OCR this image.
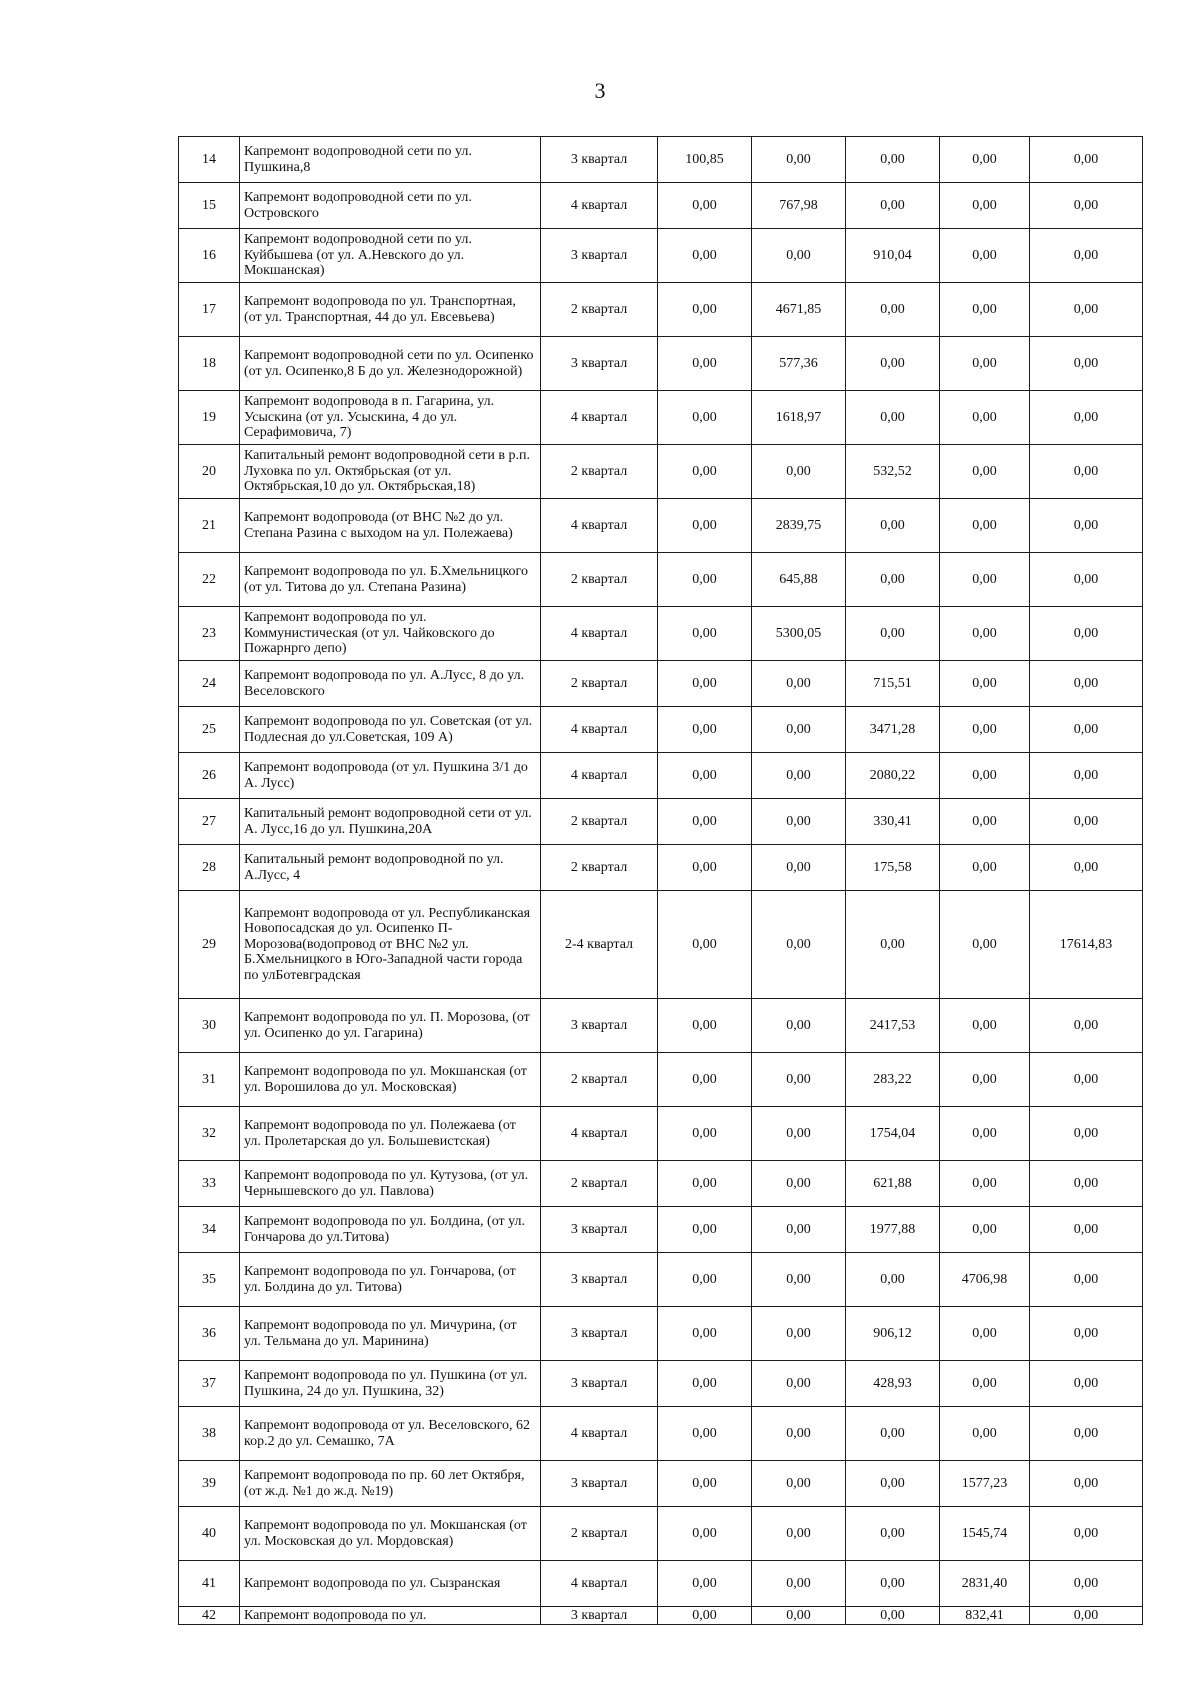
3
14	Капремонт водопроводной сети по ул. Пушкина,8	3 квартал	100,85	0,00	0,00	0,00	0,00
15	Капремонт водопроводной сети по ул. Островского	4 квартал	0,00	767,98	0,00	0,00	0,00
16	Капремонт водопроводной сети по ул. Куйбышева (от ул. А.Невского до ул. Мокшанская)	3 квартал	0,00	0,00	910,04	0,00	0,00
17	Капремонт водопровода по ул. Транспортная, (от ул. Транспортная, 44 до ул. Евсевьева)	2 квартал	0,00	4671,85	0,00	0,00	0,00
18	Капремонт водопроводной сети по ул. Осипенко (от ул. Осипенко,8 Б до ул. Железнодорожной)	3 квартал	0,00	577,36	0,00	0,00	0,00
19	Капремонт водопровода в п. Гагарина, ул. Усыскина (от ул. Усыскина, 4 до ул. Серафимовича, 7)	4 квартал	0,00	1618,97	0,00	0,00	0,00
20	Капитальный ремонт водопроводной сети в р.п. Луховка по ул. Октябрьская (от ул. Октябрьская,10 до ул. Октябрьская,18)	2 квартал	0,00	0,00	532,52	0,00	0,00
21	Капремонт водопровода (от ВНС №2 до ул. Степана Разина с выходом на ул. Полежаева)	4 квартал	0,00	2839,75	0,00	0,00	0,00
22	Капремонт водопровода по ул. Б.Хмельницкого (от ул. Титова до ул. Степана Разина)	2 квартал	0,00	645,88	0,00	0,00	0,00
23	Капремонт водопровода по ул. Коммунистическая (от ул. Чайковского до Пожарнрго депо)	4 квартал	0,00	5300,05	0,00	0,00	0,00
24	Капремонт водопровода по ул. А.Лусс, 8 до ул. Веселовского	2 квартал	0,00	0,00	715,51	0,00	0,00
25	Капремонт водопровода по ул. Советская (от ул. Подлесная до ул.Советская, 109 А)	4 квартал	0,00	0,00	3471,28	0,00	0,00
26	Капремонт водопровода (от ул. Пушкина 3/1 до А. Лусс)	4 квартал	0,00	0,00	2080,22	0,00	0,00
27	Капитальный ремонт водопроводной сети от ул. А. Лусс,16 до ул. Пушкина,20А	2 квартал	0,00	0,00	330,41	0,00	0,00
28	Капитальный ремонт водопроводной по ул. А.Лусс, 4	2 квартал	0,00	0,00	175,58	0,00	0,00
29	Капремонт водопровода от ул. Республиканская Новопосадская до ул. Осипенко П-Морозова(водопровод от ВНС №2 ул. Б.Хмельницкого в Юго-Западной части города по улБотевградская	2-4 квартал	0,00	0,00	0,00	0,00	17614,83
30	Капремонт водопровода по ул. П. Морозова, (от ул. Осипенко до ул. Гагарина)	3 квартал	0,00	0,00	2417,53	0,00	0,00
31	Капремонт водопровода по ул. Мокшанская (от ул. Ворошилова до ул. Московская)	2 квартал	0,00	0,00	283,22	0,00	0,00
32	Капремонт водопровода по ул. Полежаева (от ул. Пролетарская до ул. Большевистская)	4 квартал	0,00	0,00	1754,04	0,00	0,00
33	Капремонт водопровода по ул. Кутузова, (от ул. Чернышевского до ул. Павлова)	2 квартал	0,00	0,00	621,88	0,00	0,00
34	Капремонт водопровода по ул. Болдина, (от ул. Гончарова до ул.Титова)	3 квартал	0,00	0,00	1977,88	0,00	0,00
35	Капремонт водопровода по ул. Гончарова, (от ул. Болдина до ул. Титова)	3 квартал	0,00	0,00	0,00	4706,98	0,00
36	Капремонт водопровода по ул. Мичурина, (от ул. Тельмана до ул. Маринина)	3 квартал	0,00	0,00	906,12	0,00	0,00
37	Капремонт водопровода по ул. Пушкина (от ул. Пушкина, 24 до ул. Пушкина, 32)	3 квартал	0,00	0,00	428,93	0,00	0,00
38	Капремонт водопровода от ул. Веселовского, 62 кор.2 до ул. Семашко, 7А	4 квартал	0,00	0,00	0,00	0,00	0,00
39	Капремонт водопровода по пр. 60 лет Октября, (от ж.д. №1 до ж.д. №19)	3 квартал	0,00	0,00	0,00	1577,23	0,00
40	Капремонт водопровода по ул. Мокшанская (от ул. Московская до ул. Мордовская)	2 квартал	0,00	0,00	0,00	1545,74	0,00
41	Капремонт водопровода по ул. Сызранская	4 квартал	0,00	0,00	0,00	2831,40	0,00
42	Капремонт водопровода по ул.	3 квартал	0,00	0,00	0,00	832,41	0,00
